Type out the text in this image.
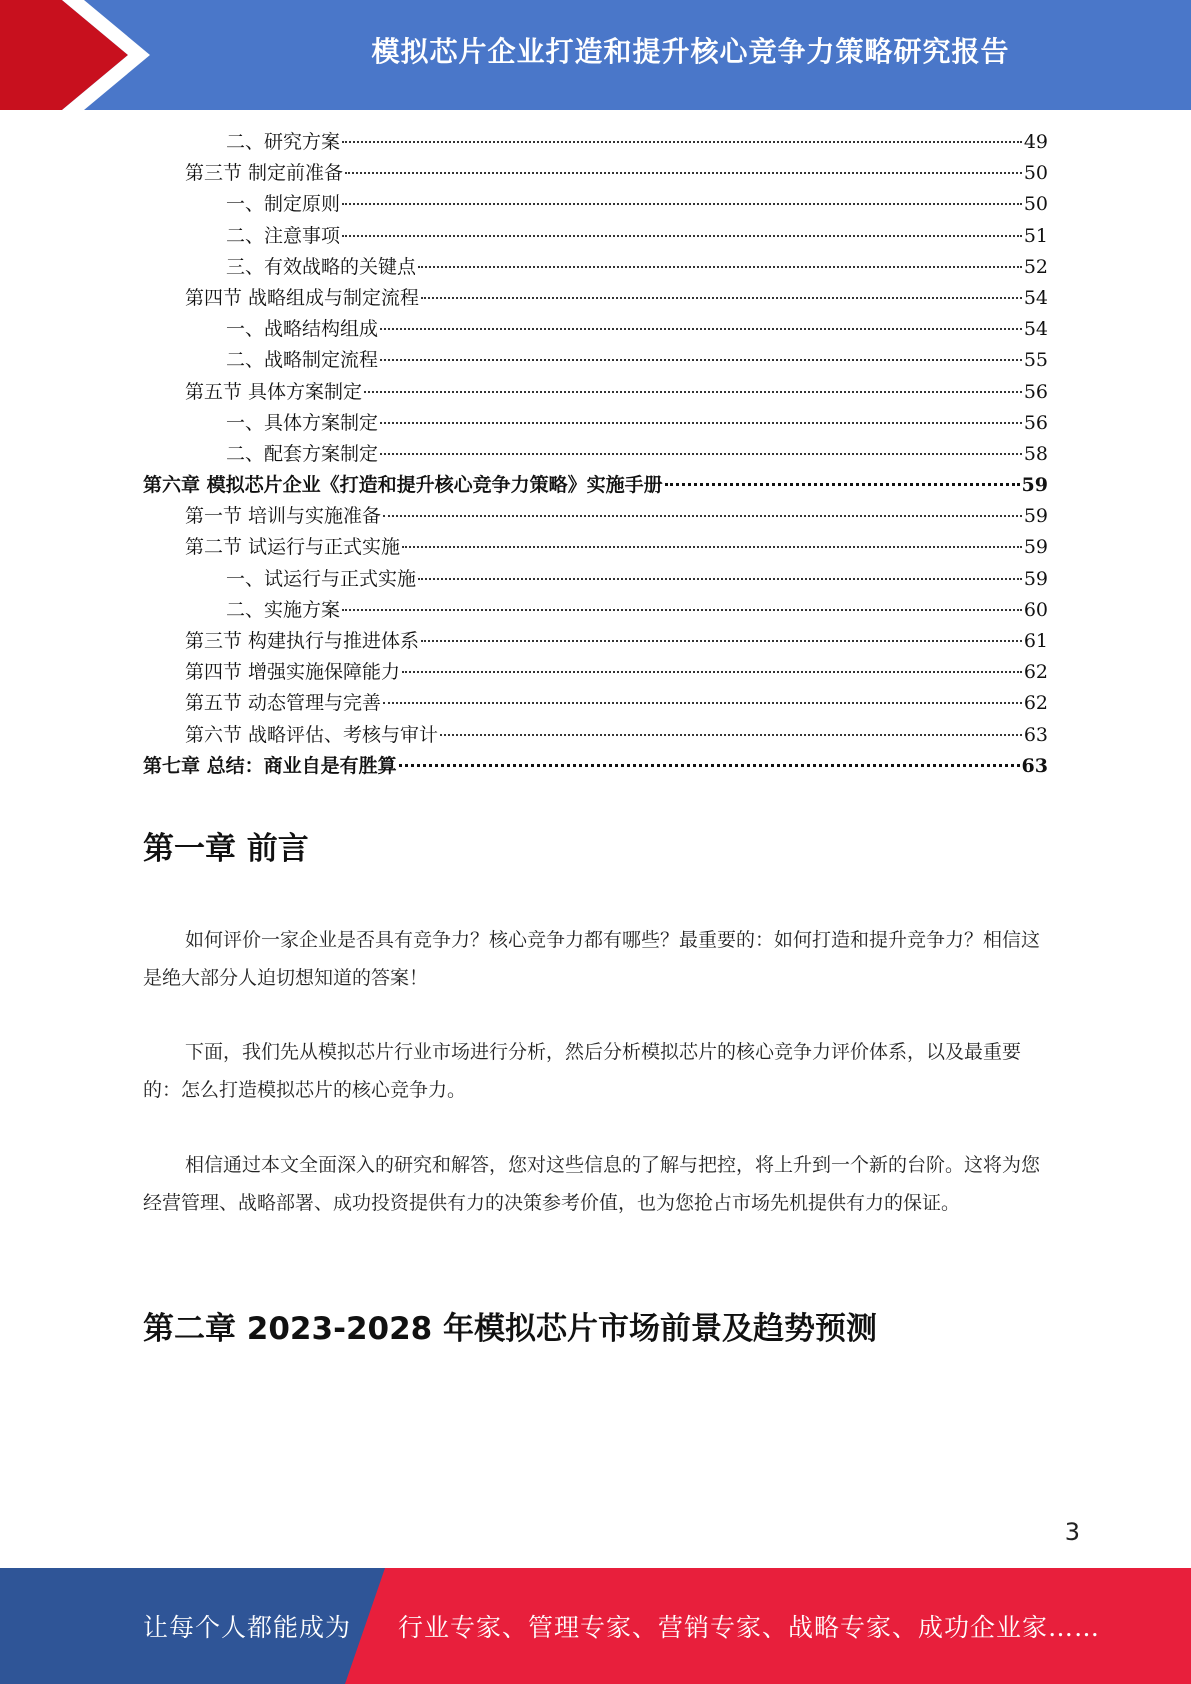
模拟芯片企业打造和提升核心竞争力策略研究报告
二、研究方案	49
第三节 制定前准备	50
一、制定原则	50
二、注意事项	51
三、有效战略的关键点	52
第四节 战略组成与制定流程	54
一、战略结构组成	54
二、战略制定流程	55
第五节 具体方案制定	56
一、具体方案制定	56
二、配套方案制定	58
第六章 模拟芯片企业《打造和提升核心竞争力策略》实施手册	59
第一节 培训与实施准备	59
第二节 试运行与正式实施	59
一、试运行与正式实施	59
二、实施方案	60
第三节 构建执行与推进体系	61
第四节 增强实施保障能力	62
第五节 动态管理与完善	62
第六节 战略评估、考核与审计	63
第七章 总结：商业自是有胜算	63
第一章 前言

如何评价一家企业是否具有竞争力？核心竞争力都有哪些？最重要的：如何打造和提升竞争力？相信这是绝大部分人迫切想知道的答案！

下面，我们先从模拟芯片行业市场进行分析，然后分析模拟芯片的核心竞争力评价体系，以及最重要的：怎么打造模拟芯片的核心竞争力。

相信通过本文全面深入的研究和解答，您对这些信息的了解与把控，将上升到一个新的台阶。这将为您经营管理、战略部署、成功投资提供有力的决策参考价值，也为您抢占市场先机提供有力的保证。

第二章 2023-2028 年模拟芯片市场前景及趋势预测
3
让每个人都能成为 行业专家、管理专家、营销专家、战略专家、成功企业家……
